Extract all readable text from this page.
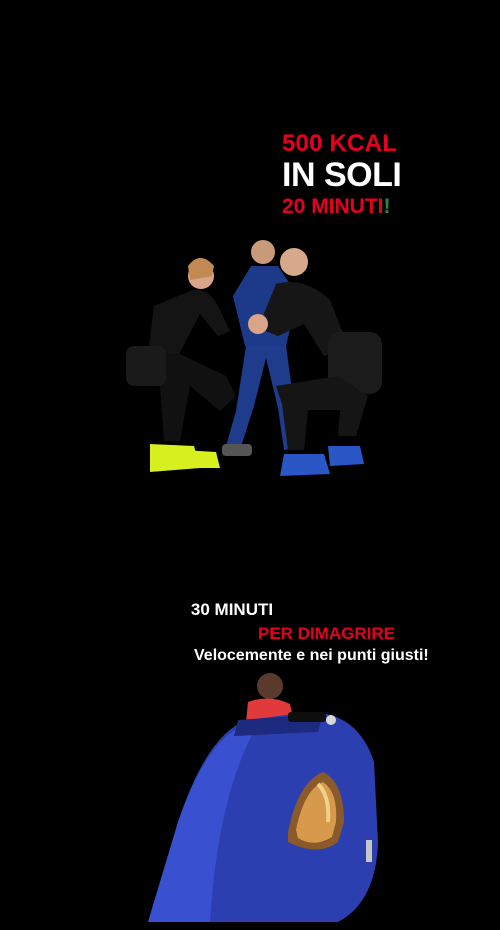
500 KCAL
IN SOLI
20 MINUTI!
30 MINUTI
PER DIMAGRIRE
Velocemente e nei punti giusti!
